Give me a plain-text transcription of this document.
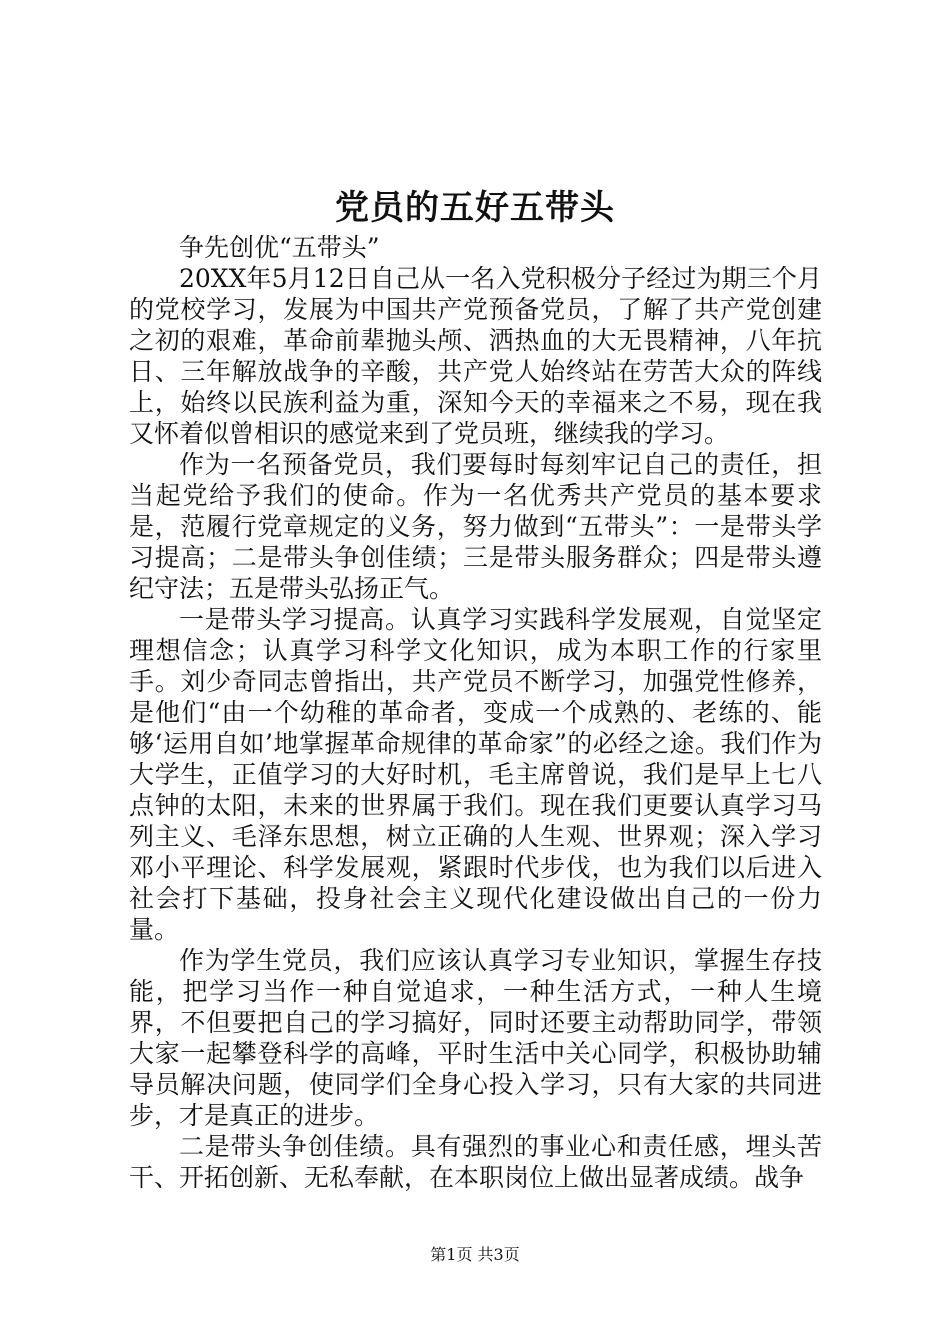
党员的五好五带头

争先创优“五带头”

20XX年5月12日自己从一名入党积极分子经过为期三个月的党校学习，发展为中国共产党预备党员，了解了共产党创建之初的艰难，革命前辈抛头颅、洒热血的大无畏精神，八年抗日、三年解放战争的辛酸，共产党人始终站在劳苦大众的阵线上，始终以民族利益为重，深知今天的幸福来之不易，现在我又怀着似曾相识的感觉来到了党员班，继续我的学习。

作为一名预备党员，我们要每时每刻牢记自己的责任，担当起党给予我们的使命。作为一名优秀共产党员的基本要求是，范履行党章规定的义务，努力做到“五带头”：一是带头学习提高；二是带头争创佳绩；三是带头服务群众；四是带头遵纪守法；五是带头弘扬正气。

一是带头学习提高。认真学习实践科学发展观，自觉坚定理想信念；认真学习科学文化知识，成为本职工作的行家里手。刘少奇同志曾指出，共产党员不断学习，加强党性修养，是他们“由一个幼稚的革命者，变成一个成熟的、老练的、能够‘运用自如’地掌握革命规律的革命家”的必经之途。我们作为大学生，正值学习的大好时机，毛主席曾说，我们是早上七八点钟的太阳，未来的世界属于我们。现在我们更要认真学习马列主义、毛泽东思想，树立正确的人生观、世界观；深入学习邓小平理论、科学发展观，紧跟时代步伐，也为我们以后进入社会打下基础，投身社会主义现代化建设做出自己的一份力量。

作为学生党员，我们应该认真学习专业知识，掌握生存技能，把学习当作一种自觉追求，一种生活方式，一种人生境界，不但要把自己的学习搞好，同时还要主动帮助同学，带领大家一起攀登科学的高峰，平时生活中关心同学，积极协助辅导员解决问题，使同学们全身心投入学习，只有大家的共同进步，才是真正的进步。

二是带头争创佳绩。具有强烈的事业心和责任感，埋头苦干、开拓创新、无私奉献，在本职岗位上做出显著成绩。战争

第1页 共3页
